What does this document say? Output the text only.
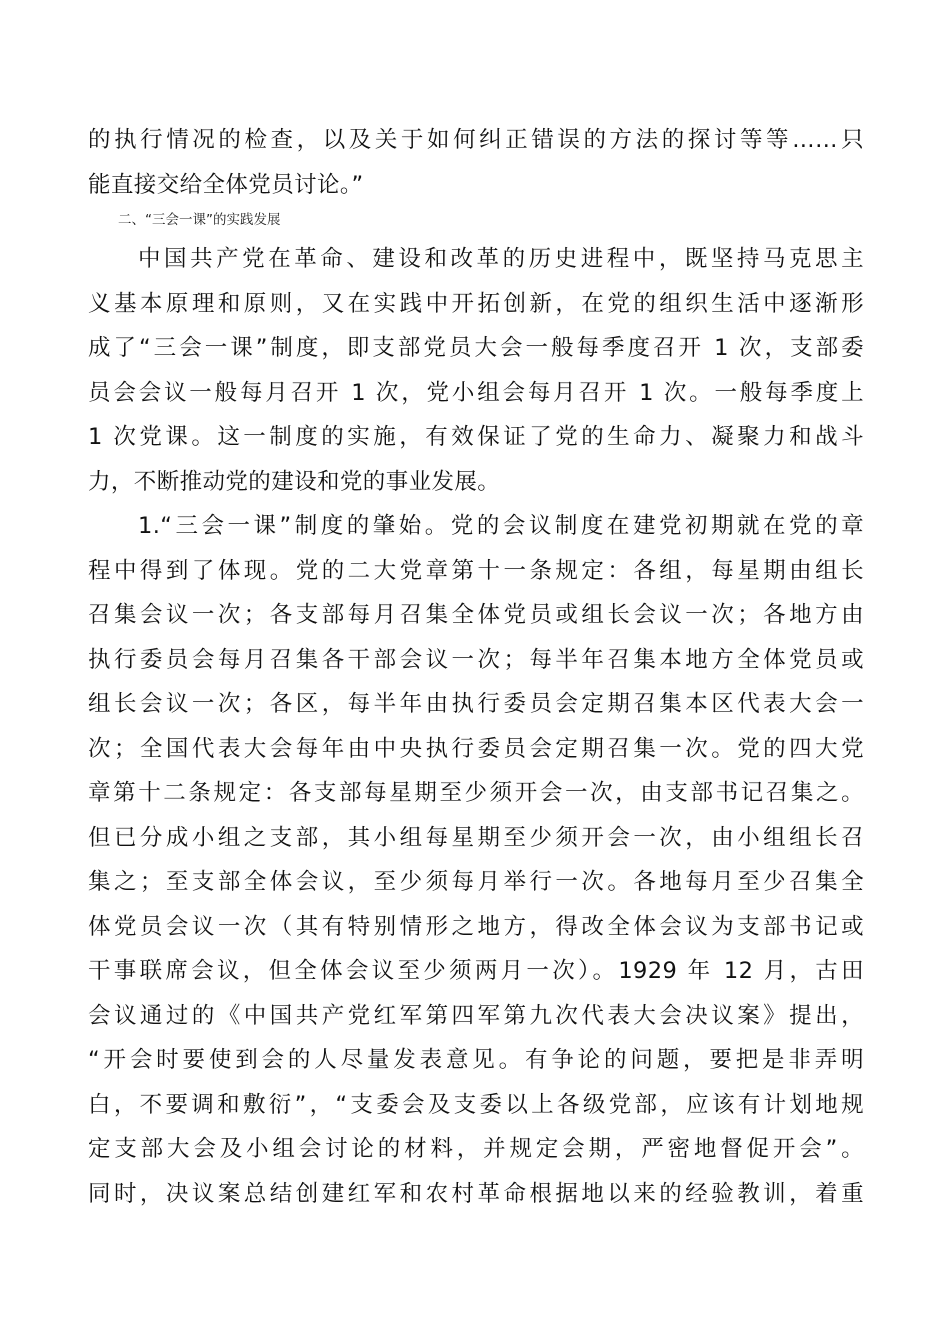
的执行情况的检查，以及关于如何纠正错误的方法的探讨等等……只
能直接交给全体党员讨论。”
二、“三会一课”的实践发展
中国共产党在革命、建设和改革的历史进程中，既坚持马克思主
义基本原理和原则，又在实践中开拓创新，在党的组织生活中逐渐形
成了“三会一课”制度，即支部党员大会一般每季度召开 1 次，支部委
员会会议一般每月召开 1 次，党小组会每月召开 1 次。一般每季度上
1 次党课。这一制度的实施，有效保证了党的生命力、凝聚力和战斗
力，不断推动党的建设和党的事业发展。
1.“三会一课”制度的肇始。党的会议制度在建党初期就在党的章
程中得到了体现。党的二大党章第十一条规定：各组，每星期由组长
召集会议一次；各支部每月召集全体党员或组长会议一次；各地方由
执行委员会每月召集各干部会议一次；每半年召集本地方全体党员或
组长会议一次；各区，每半年由执行委员会定期召集本区代表大会一
次；全国代表大会每年由中央执行委员会定期召集一次。党的四大党
章第十二条规定：各支部每星期至少须开会一次，由支部书记召集之。
但已分成小组之支部，其小组每星期至少须开会一次，由小组组长召
集之；至支部全体会议，至少须每月举行一次。各地每月至少召集全
体党员会议一次（其有特别情形之地方，得改全体会议为支部书记或
干事联席会议，但全体会议至少须两月一次）。1929 年 12 月，古田
会议通过的《中国共产党红军第四军第九次代表大会决议案》提出，
“开会时要使到会的人尽量发表意见。有争论的问题，要把是非弄明
白，不要调和敷衍”，“支委会及支委以上各级党部，应该有计划地规
定支部大会及小组会讨论的材料，并规定会期，严密地督促开会”。
同时，决议案总结创建红军和农村革命根据地以来的经验教训，着重
